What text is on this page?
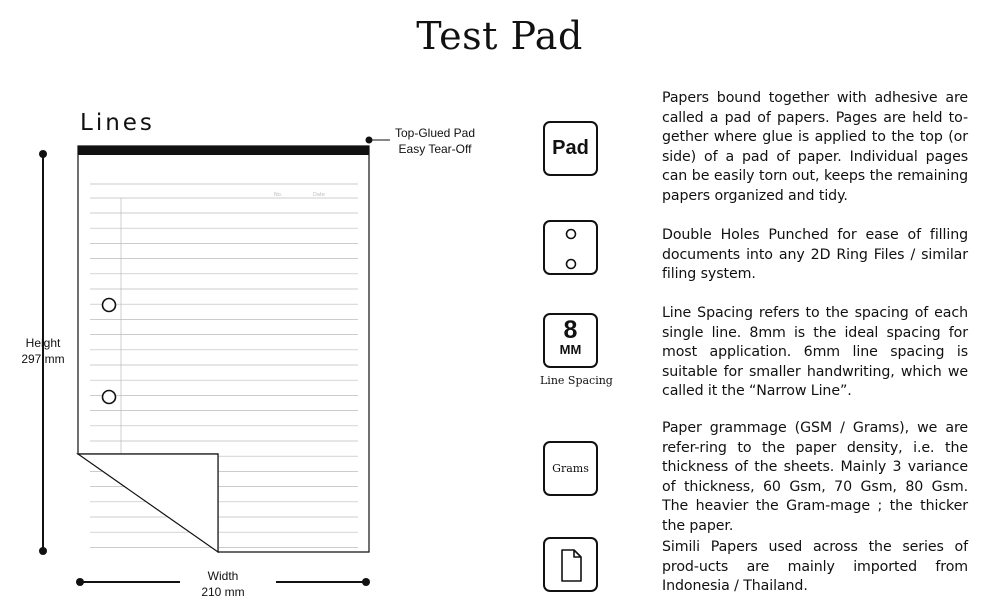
Test Pad
No.	Date
Lines	Top-Glued Pad
Easy Tear-Off
Height
297 mm
Width
210 mm
Pad
8
MM
Line Spacing
Grams
Papers bound together with adhesive are called a pad of papers. Pages are held to-gether where glue is applied to the top (or side) of a pad of paper. Individual pages can be easily torn out, keeps the remaining papers organized and tidy.
Double Holes Punched for ease of filling documents into any 2D Ring Files / similar filing system.
Line Spacing refers to the spacing of each single line. 8mm is the ideal spacing for most application. 6mm line spacing is suitable for smaller handwriting, which we called it the “Narrow Line”.
Paper grammage (GSM / Grams), we are refer-ring to the paper density, i.e. the thickness of the sheets. Mainly 3 variance of thickness, 60 Gsm, 70 Gsm, 80 Gsm. The heavier the Gram-mage ; the thicker the paper.
Simili Papers used across the series of prod-ucts are mainly imported from Indonesia / Thailand.
